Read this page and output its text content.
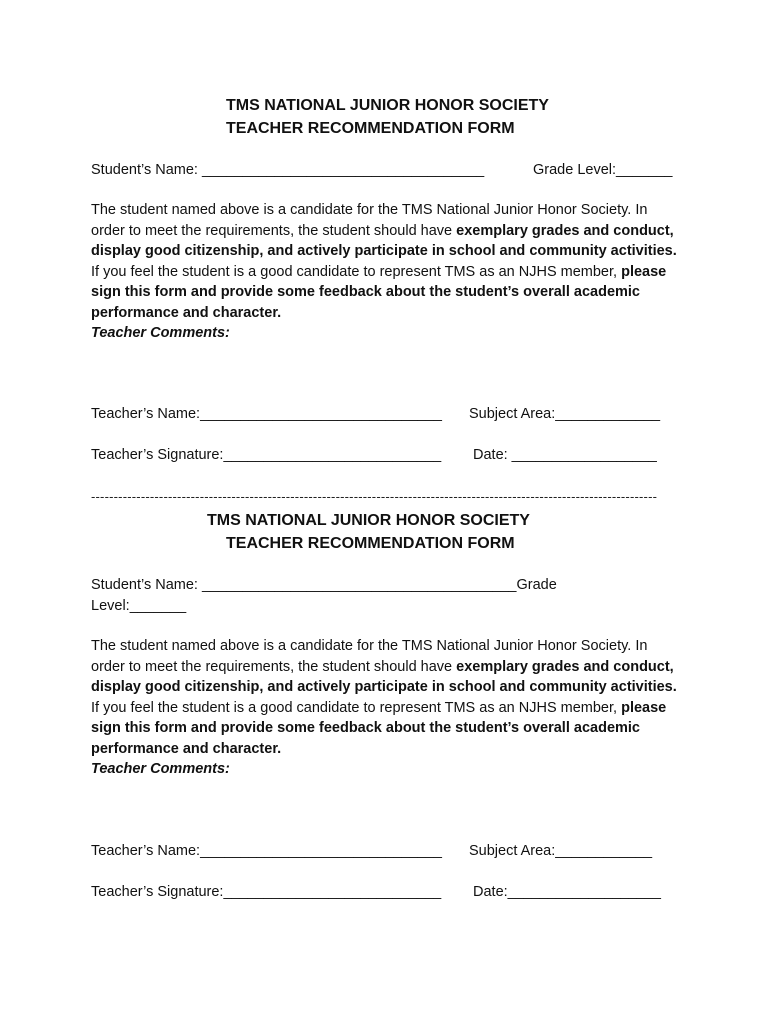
TMS NATIONAL JUNIOR HONOR SOCIETY

TEACHER RECOMMENDATION FORM

Student’s Name: ___________________________________	Grade Level:_______

The student named above is a candidate for the TMS National Junior Honor Society. In order to meet the requirements, the student should have exemplary grades and conduct, display good citizenship, and actively participate in school and community activities.  If you feel the student is a good candidate to represent TMS as an NJHS member, please sign this form and provide some feedback about the student’s overall academic performance and character.

Teacher Comments:

Teacher’s Name:______________________________ Subject Area:_____________
Teacher’s Signature:___________________________ Date: __________________
-----------------------------------------------------------------------------------------------------------------------------

TMS NATIONAL JUNIOR HONOR SOCIETY

TEACHER RECOMMENDATION FORM

Student’s Name: _______________________________________Grade
Level:_______

The student named above is a candidate for the TMS National Junior Honor Society. In order to meet the requirements, the student should have exemplary grades and conduct, display good citizenship, and actively participate in school and community activities.  If you feel the student is a good candidate to represent TMS as an NJHS member, please sign this form and provide some feedback about the student’s overall academic performance and character.

Teacher Comments:

Teacher’s Name:______________________________ Subject Area:____________
Teacher’s Signature:___________________________ Date:___________________
